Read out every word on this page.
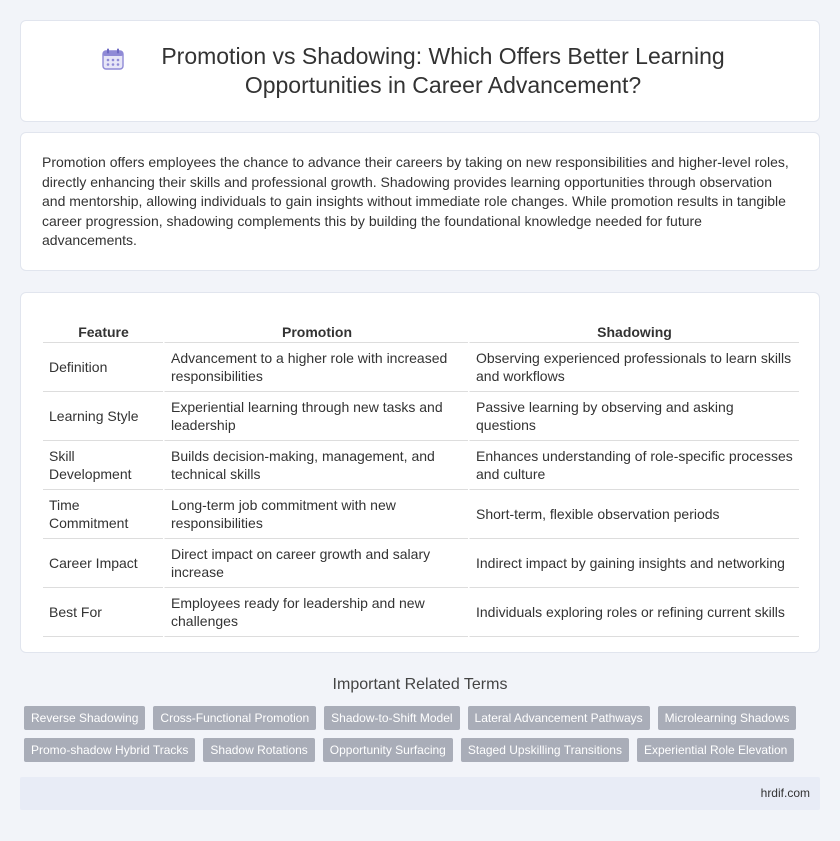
Promotion vs Shadowing: Which Offers Better Learning Opportunities in Career Advancement?

Promotion offers employees the chance to advance their careers by taking on new responsibilities and higher-level roles, directly enhancing their skills and professional growth. Shadowing provides learning opportunities through observation and mentorship, allowing individuals to gain insights without immediate role changes. While promotion results in tangible career progression, shadowing complements this by building the foundational knowledge needed for future advancements.

Feature	Promotion	Shadowing
Definition	Advancement to a higher role with increased responsibilities	Observing experienced professionals to learn skills and workflows
Learning Style	Experiential learning through new tasks and leadership	Passive learning by observing and asking questions
Skill Development	Builds decision-making, management, and technical skills	Enhances understanding of role-specific processes and culture
Time Commitment	Long-term job commitment with new responsibilities	Short-term, flexible observation periods
Career Impact	Direct impact on career growth and salary increase	Indirect impact by gaining insights and networking
Best For	Employees ready for leadership and new challenges	Individuals exploring roles or refining current skills
Important Related Terms
Reverse Shadowing	Cross-Functional Promotion	Shadow-to-Shift Model	Lateral Advancement Pathways	Microlearning Shadows
Promo-shadow Hybrid Tracks	Shadow Rotations	Opportunity Surfacing	Staged Upskilling Transitions	Experiential Role Elevation
hrdif.com
